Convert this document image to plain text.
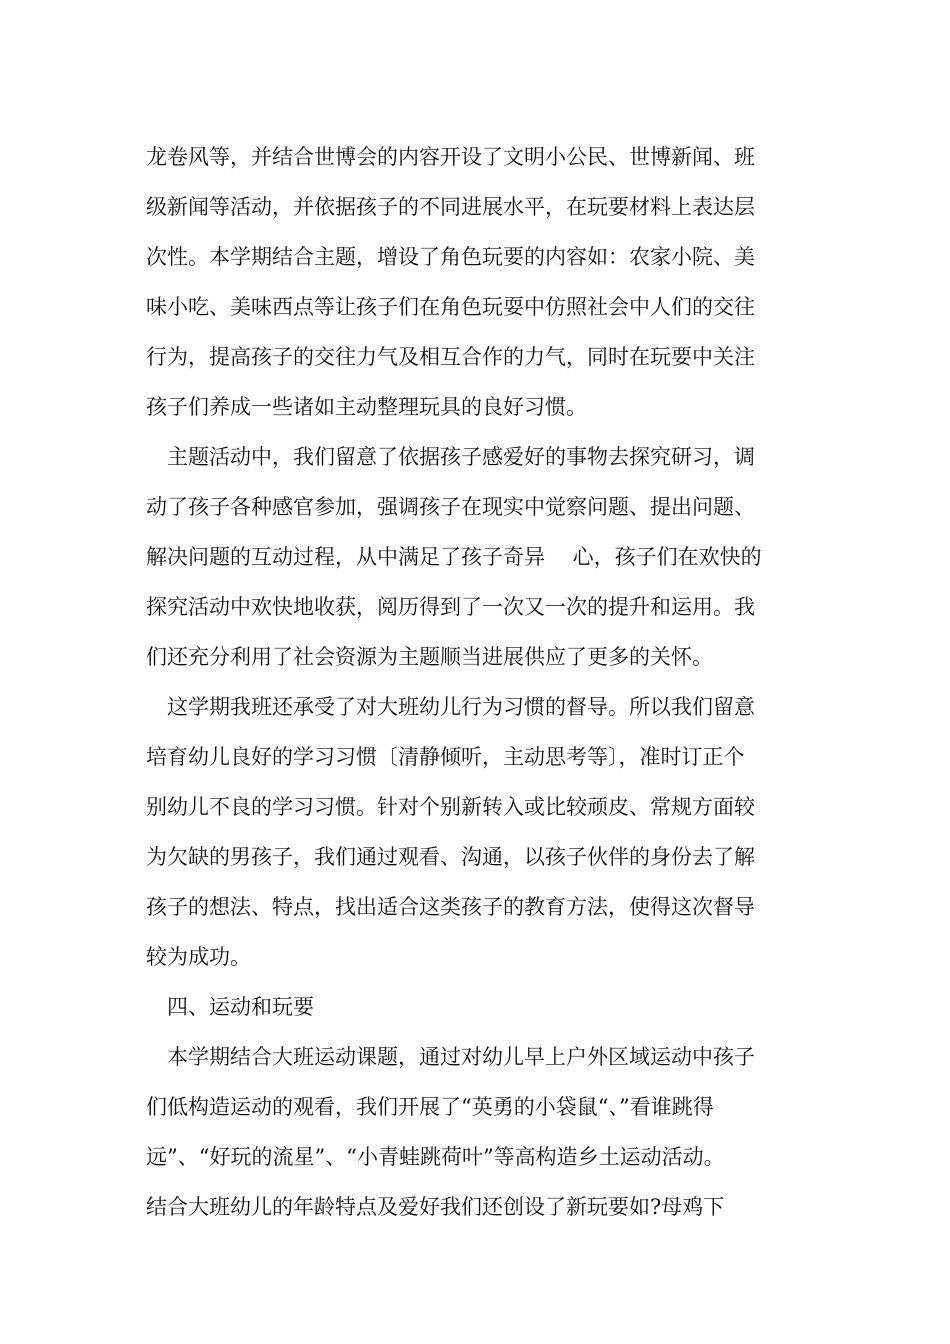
龙卷风等，并结合世博会的内容开设了文明小公民、世博新闻、班
级新闻等活动，并依据孩子的不同进展水平，在玩要材料上表达层
次性。本学期结合主题，增设了角色玩要的内容如：农家小院、美
味小吃、美味西点等让孩子们在角色玩耍中仿照社会中人们的交往
行为，提高孩子的交往力气及相互合作的力气，同时在玩要中关注
孩子们养成一些诸如主动整理玩具的良好习惯。
主题活动中，我们留意了依据孩子感爱好的事物去探究研习，调
动了孩子各种感官参加，强调孩子在现实中觉察问题、提出问题、
解决问题的互动过程，从中满足了孩子奇异　 心，孩子们在欢快的
探究活动中欢快地收获，阅历得到了一次又一次的提升和运用。我
们还充分利用了社会资源为主题顺当进展供应了更多的关怀。
这学期我班还承受了对大班幼儿行为习惯的督导。所以我们留意
培育幼儿良好的学习习惯〔清静倾听，主动思考等〕，准时订正个
别幼儿不良的学习习惯。针对个别新转入或比较顽皮、常规方面较
为欠缺的男孩子，我们通过观看、沟通，以孩子伙伴的身份去了解
孩子的想法、特点，找出适合这类孩子的教育方法，使得这次督导
较为成功。
四、运动和玩要
本学期结合大班运动课题，通过对幼儿早上户外区域运动中孩子
们低构造运动的观看，我们开展了“英勇的小袋鼠“、”看谁跳得
远”、“好玩的流星”、“小青蛙跳荷叶”等高构造乡土运动活动。
结合大班幼儿的年龄特点及爱好我们还创设了新玩要如?母鸡下
